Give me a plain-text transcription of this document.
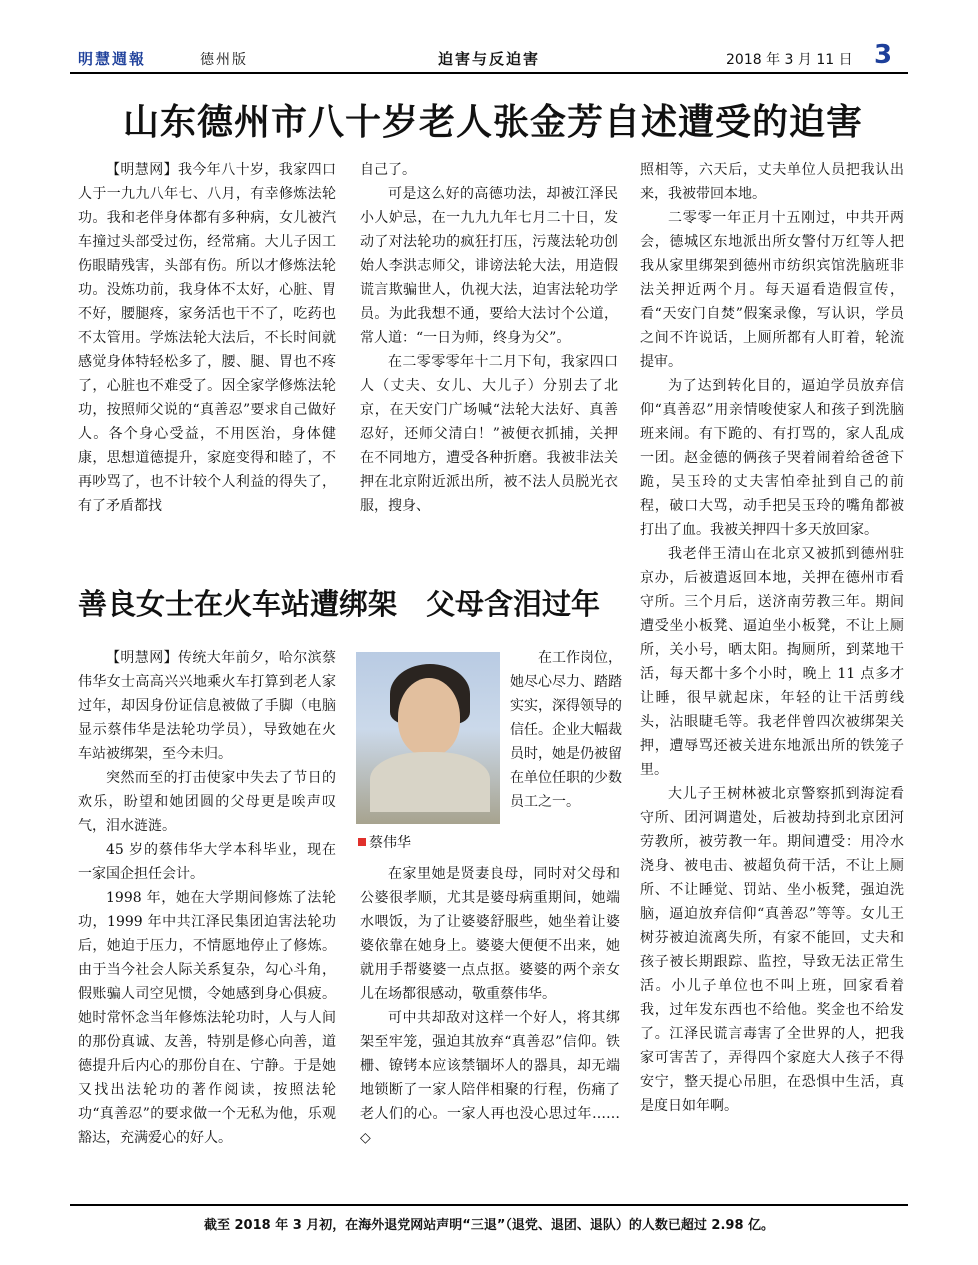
明慧週報	德州版	迫害与反迫害	2018 年 3 月 11 日 3
山东德州市八十岁老人张金芳自述遭受的迫害

【明慧网】我今年八十岁，我家四口人于一九九八年七、八月，有幸修炼法轮功。我和老伴身体都有多种病，女儿被汽车撞过头部受过伤，经常痛。大儿子因工伤眼睛残害，头部有伤。所以才修炼法轮功。没炼功前，我身体不太好，心脏、胃不好，腰腿疼，家务活也干不了，吃药也不太管用。学炼法轮大法后，不长时间就感觉身体特轻松多了，腰、腿、胃也不疼了，心脏也不难受了。因全家学修炼法轮功，按照师父说的“真善忍”要求自己做好人。各个身心受益，不用医治，身体健康，思想道德提升，家庭变得和睦了，不再吵骂了，也不计较个人利益的得失了，有了矛盾都找

自己了。

可是这么好的高德功法，却被江泽民小人妒忌，在一九九九年七月二十日，发动了对法轮功的疯狂打压，污蔑法轮功创始人李洪志师父，诽谤法轮大法，用造假谎言欺骗世人，仇视大法，迫害法轮功学员。为此我想不通，要给大法讨个公道，常人道：“一日为师，终身为父”。

在二零零零年十二月下旬，我家四口人（丈夫、女儿、大儿子）分别去了北京，在天安门广场喊“法轮大法好、真善忍好，还师父清白！”被便衣抓捕，关押在不同地方，遭受各种折磨。我被非法关押在北京附近派出所，被不法人员脱光衣服，搜身、

照相等，六天后，丈夫单位人员把我认出来，我被带回本地。

二零零一年正月十五刚过，中共开两会，德城区东地派出所女警付万红等人把我从家里绑架到德州市纺织宾馆洗脑班非法关押近两个月。每天逼看造假宣传，看“天安门自焚”假案录像，写认识，学员之间不许说话，上厕所都有人盯着，轮流提审。

为了达到转化目的，逼迫学员放弃信仰“真善忍”用亲情唆使家人和孩子到洗脑班来闹。有下跪的、有打骂的，家人乱成一团。赵金德的俩孩子哭着闹着给爸爸下跪，吴玉玲的丈夫害怕牵扯到自己的前程，破口大骂，动手把吴玉玲的嘴角都被打出了血。我被关押四十多天放回家。

我老伴王清山在北京又被抓到德州驻京办，后被遣返回本地，关押在德州市看守所。三个月后，送济南劳教三年。期间遭受坐小板凳、逼迫坐小板凳，不让上厕所，关小号，晒太阳。掏厕所，到菜地干活，每天都十多个小时，晚上 11 点多才让睡，很早就起床，年轻的让干活剪线头，沾眼睫毛等。我老伴曾四次被绑架关押，遭辱骂还被关进东地派出所的铁笼子里。

大儿子王树林被北京警察抓到海淀看守所、团河调遣处，后被劫持到北京团河劳教所，被劳教一年。期间遭受：用冷水浇身、被电击、被超负荷干活，不让上厕所、不让睡觉、罚站、坐小板凳，强迫洗脑，逼迫放弃信仰“真善忍”等等。女儿王树芬被迫流离失所，有家不能回，丈夫和孩子被长期跟踪、监控，导致无法正常生活。小儿子单位也不叫上班，回家看着我，过年发东西也不给他。奖金也不给发了。江泽民谎言毒害了全世界的人，把我家可害苦了，弄得四个家庭大人孩子不得安宁，整天提心吊胆，在恐惧中生活，真是度日如年啊。

善良女士在火车站遭绑架　父母含泪过年

【明慧网】传统大年前夕，哈尔滨蔡伟华女士高高兴兴地乘火车打算到老人家过年，却因身份证信息被做了手脚（电脑显示蔡伟华是法轮功学员），导致她在火车站被绑架，至今未归。

突然而至的打击使家中失去了节日的欢乐，盼望和她团圆的父母更是唉声叹气，泪水涟涟。

45 岁的蔡伟华大学本科毕业，现在一家国企担任会计。

1998 年，她在大学期间修炼了法轮功，1999 年中共江泽民集团迫害法轮功后，她迫于压力，不情愿地停止了修炼。由于当今社会人际关系复杂，勾心斗角，假账骗人司空见惯，令她感到身心俱疲。她时常怀念当年修炼法轮功时，人与人间的那份真诚、友善，特别是修心向善，道德提升后内心的那份自在、宁静。于是她又找出法轮功的著作阅读，按照法轮功“真善忍”的要求做一个无私为他，乐观豁达，充满爱心的好人。

蔡伟华

在工作岗位，她尽心尽力、踏踏实实，深得领导的信任。企业大幅裁员时，她是仍被留在单位任职的少数员工之一。

在家里她是贤妻良母，同时对父母和公婆很孝顺，尤其是婆母病重期间，她端水喂饭，为了让婆婆舒服些，她坐着让婆婆依靠在她身上。婆婆大便便不出来，她就用手帮婆婆一点点抠。婆婆的两个亲女儿在场都很感动，敬重蔡伟华。

可中共却敌对这样一个好人，将其绑架至牢笼，强迫其放弃“真善忍”信仰。铁栅、镣铐本应该禁锢坏人的器具，却无端地锁断了一家人陪伴相聚的行程，伤痛了老人们的心。一家人再也没心思过年……◇

截至 2018 年 3 月初，在海外退党网站声明“三退”（退党、退团、退队）的人数已超过 2.98 亿。
